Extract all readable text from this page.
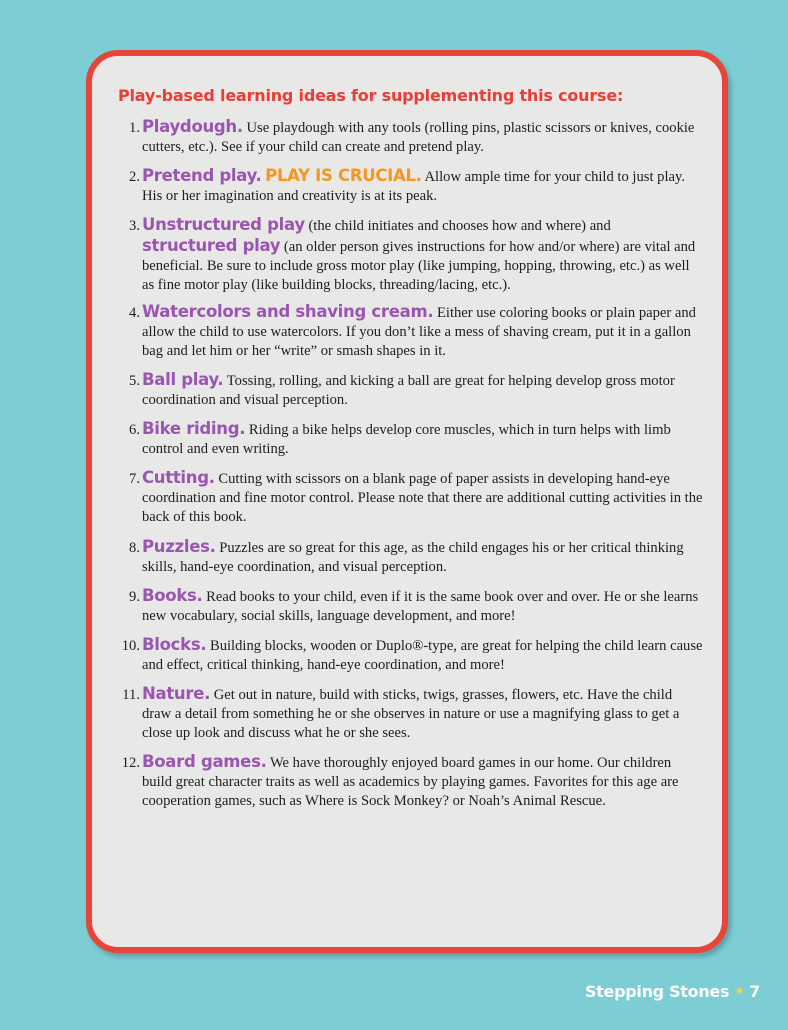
Play-based learning ideas for supplementing this course:
1. Playdough. Use playdough with any tools (rolling pins, plastic scissors or knives, cookie cutters, etc.). See if your child can create and pretend play.
2. Pretend play. PLAY IS CRUCIAL. Allow ample time for your child to just play. His or her imagination and creativity is at its peak.
3. Unstructured play (the child initiates and chooses how and where) and structured play (an older person gives instructions for how and/or where) are vital and beneficial. Be sure to include gross motor play (like jumping, hopping, throwing, etc.) as well as fine motor play (like building blocks, threading/lacing, etc.).
4. Watercolors and shaving cream. Either use coloring books or plain paper and allow the child to use watercolors. If you don’t like a mess of shaving cream, put it in a gallon bag and let him or her “write” or smash shapes in it.
5. Ball play. Tossing, rolling, and kicking a ball are great for helping develop gross motor coordination and visual perception.
6. Bike riding. Riding a bike helps develop core muscles, which in turn helps with limb control and even writing.
7. Cutting. Cutting with scissors on a blank page of paper assists in developing hand-eye coordination and fine motor control. Please note that there are additional cutting activities in the back of this book.
8. Puzzles. Puzzles are so great for this age, as the child engages his or her critical thinking skills, hand-eye coordination, and visual perception.
9. Books. Read books to your child, even if it is the same book over and over. He or she learns new vocabulary, social skills, language development, and more!
10. Blocks. Building blocks, wooden or Duplo®-type, are great for helping the child learn cause and effect, critical thinking, hand-eye coordination, and more!
11. Nature. Get out in nature, build with sticks, twigs, grasses, flowers, etc. Have the child draw a detail from something he or she observes in nature or use a magnifying glass to get a close up look and discuss what he or she sees.
12. Board games. We have thoroughly enjoyed board games in our home. Our children build great character traits as well as academics by playing games. Favorites for this age are cooperation games, such as Where is Sock Monkey? or Noah’s Animal Rescue.
Stepping Stones • 7
